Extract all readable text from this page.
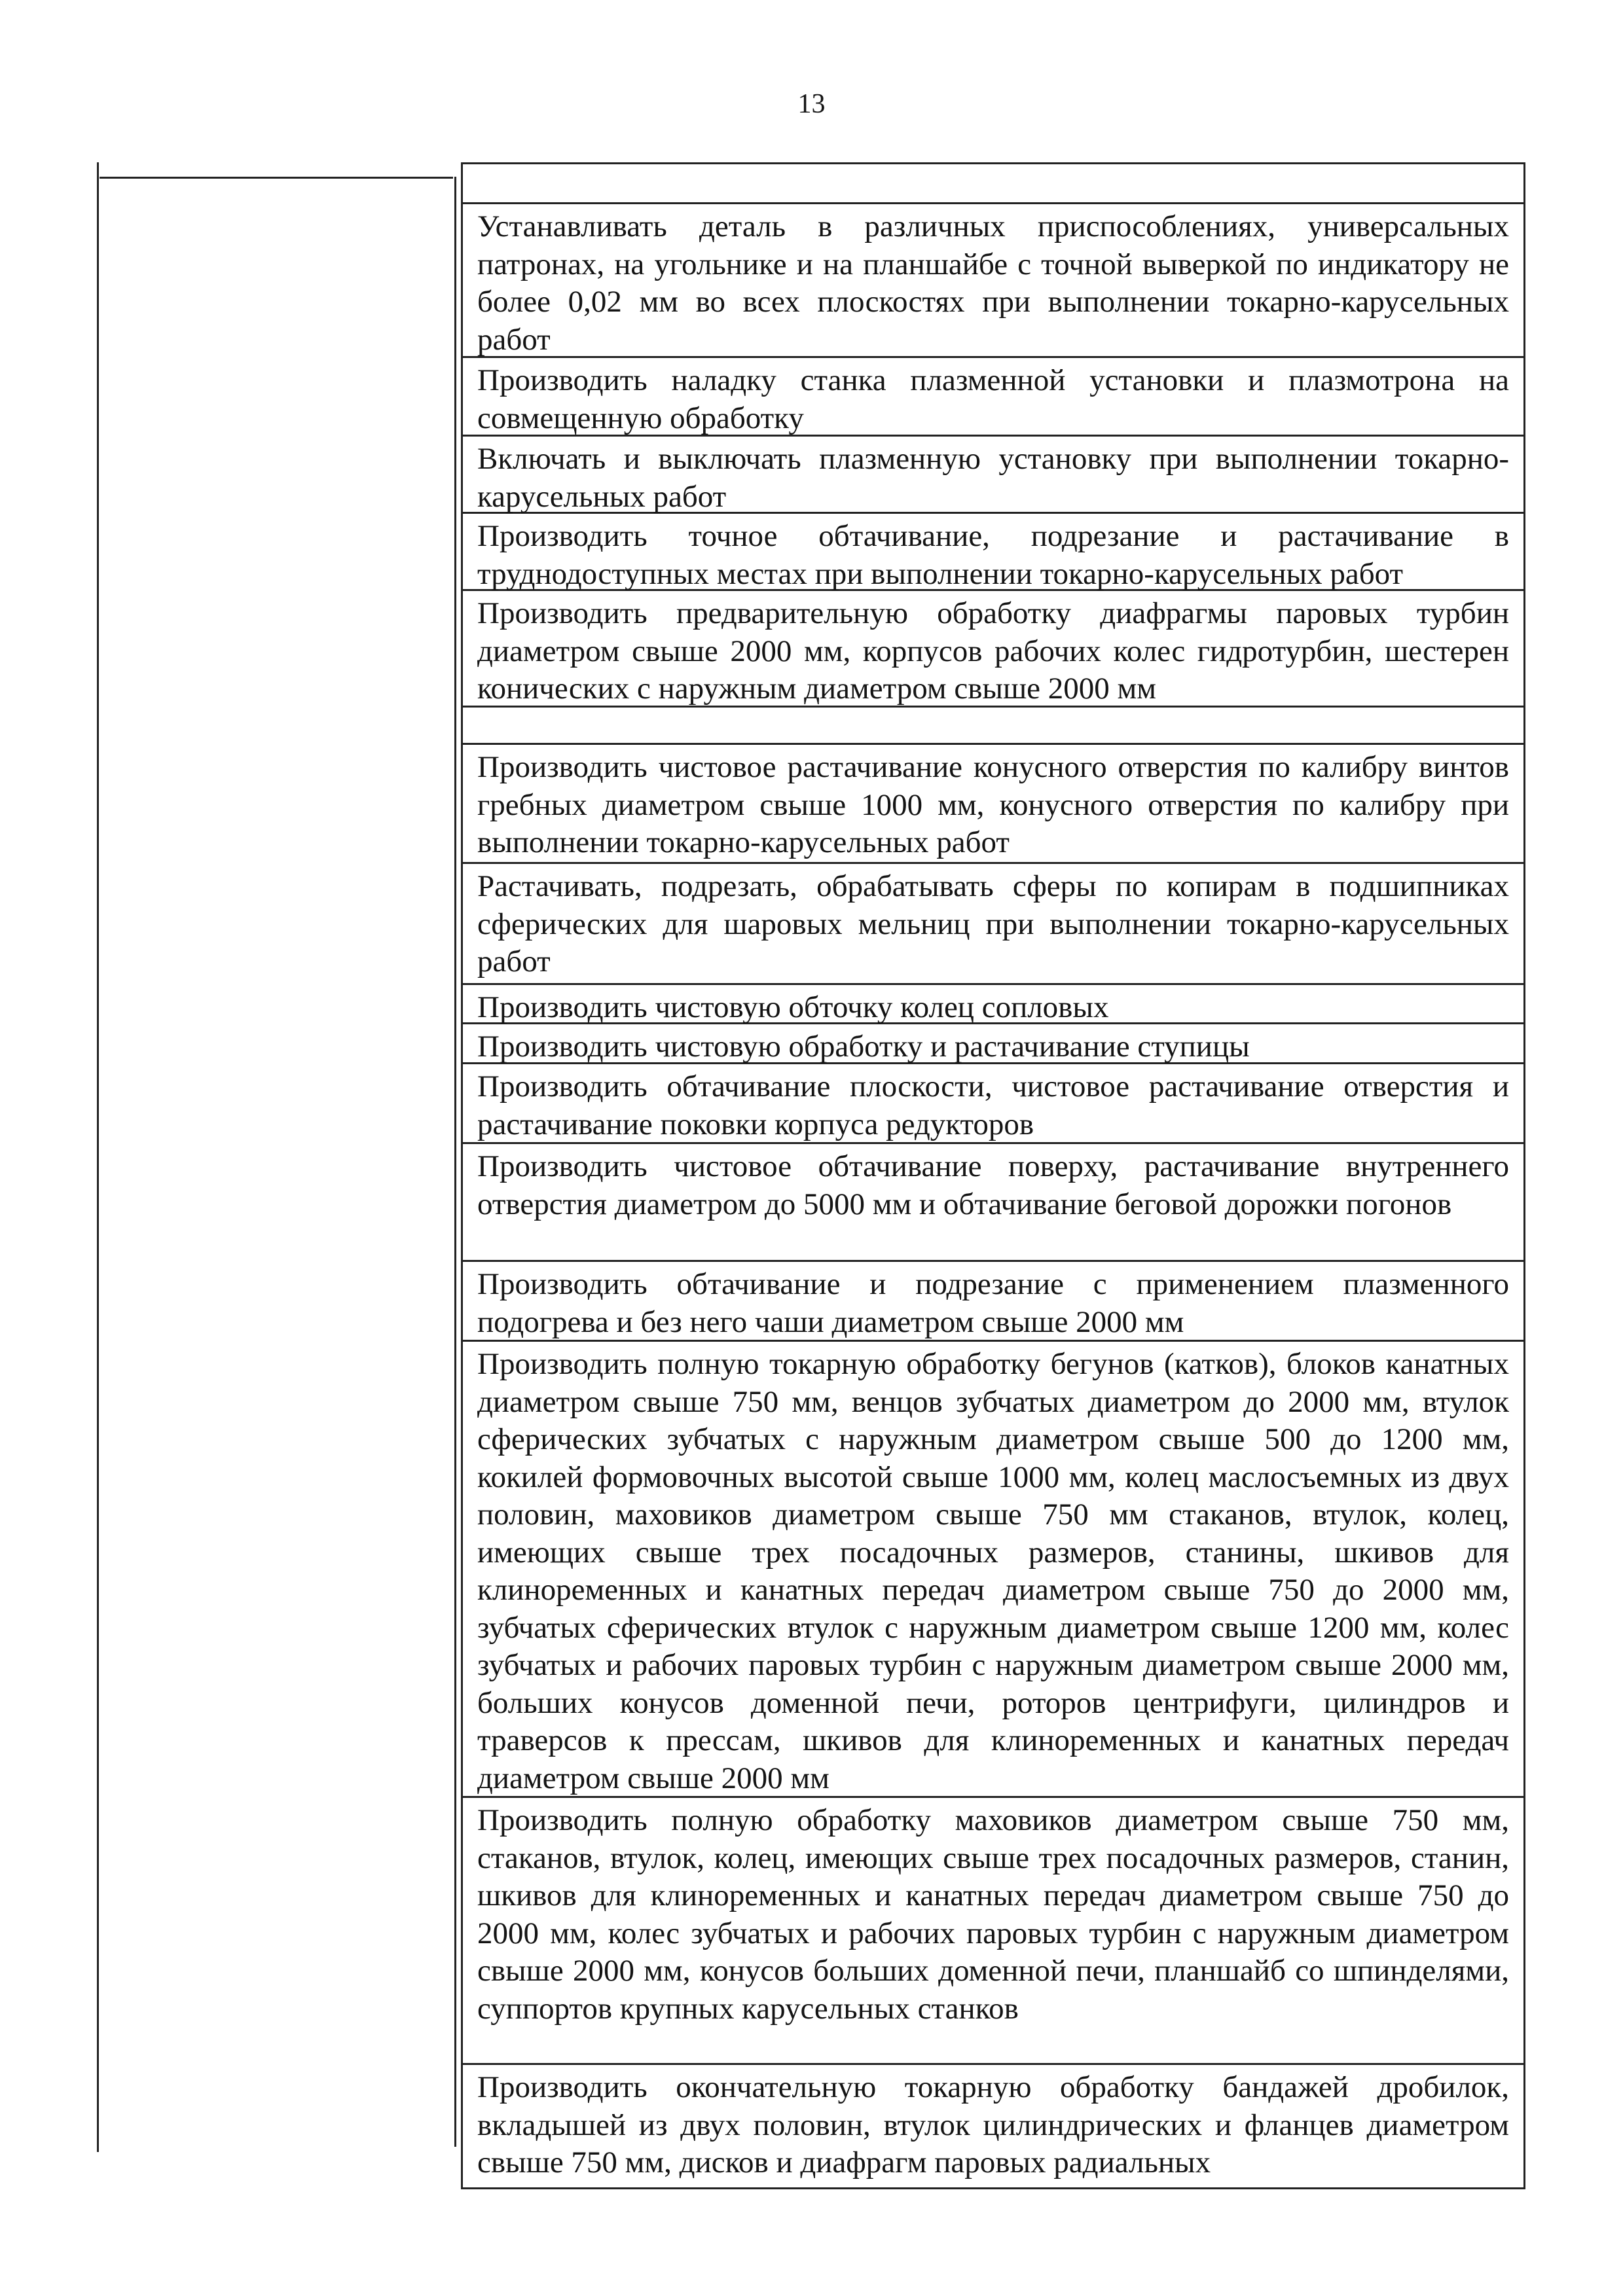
13
Устанавливать деталь в различных приспособлениях, универсальных патронах, на угольнике и на планшайбе с точной выверкой по индикатору не более 0,02 мм во всех плоскостях при выполнении токарно-карусельных работ
Производить наладку станка плазменной установки и плазмотрона на совмещенную обработку
Включать и выключать плазменную установку при выполнении токарно-карусельных работ
Производить точное обтачивание, подрезание и растачивание в труднодоступных местах при выполнении токарно-карусельных работ
Производить предварительную обработку диафрагмы паровых турбин диаметром свыше 2000 мм, корпусов рабочих колес гидротурбин, шестерен конических с наружным диаметром свыше 2000 мм
Производить чистовое растачивание конусного отверстия по калибру винтов гребных диаметром свыше 1000 мм, конусного отверстия по калибру при выполнении токарно-карусельных работ
Растачивать, подрезать, обрабатывать сферы по копирам в подшипниках сферических для шаровых мельниц при выполнении токарно-карусельных работ
Производить чистовую обточку колец сопловых
Производить чистовую обработку и растачивание ступицы
Производить обтачивание плоскости, чистовое растачивание отверстия и растачивание поковки корпуса редукторов
Производить чистовое обтачивание поверху, растачивание внутреннего отверстия диаметром до 5000 мм и обтачивание беговой дорожки погонов
Производить обтачивание и подрезание с применением плазменного подогрева и без него чаши диаметром свыше 2000 мм
Производить полную токарную обработку бегунов (катков), блоков канатных диаметром свыше 750 мм, венцов зубчатых диаметром до 2000 мм, втулок сферических зубчатых с наружным диаметром свыше 500 до 1200 мм, кокилей формовочных высотой свыше 1000 мм, колец маслосъемных из двух половин, маховиков диаметром свыше 750 мм стаканов, втулок, колец, имеющих свыше трех посадочных размеров, станины, шкивов для клиноременных и канатных передач диаметром свыше 750 до 2000 мм, зубчатых сферических втулок с наружным диаметром свыше 1200 мм, колес зубчатых и рабочих паровых турбин с наружным диаметром свыше 2000 мм, больших конусов доменной печи, роторов центрифуги, цилиндров и траверсов к прессам, шкивов для клиноременных и канатных передач диаметром свыше 2000 мм
Производить полную обработку маховиков диаметром свыше 750 мм, стаканов, втулок, колец, имеющих свыше трех посадочных размеров, станин, шкивов для клиноременных и канатных передач диаметром свыше 750 до 2000 мм, колес зубчатых и рабочих паровых турбин с наружным диаметром свыше 2000 мм, конусов больших доменной печи, планшайб со шпинделями, суппортов крупных карусельных станков
Производить окончательную токарную обработку бандажей дробилок, вкладышей из двух половин, втулок цилиндрических и фланцев диаметром свыше 750 мм, дисков и диафрагм паровых радиальных
